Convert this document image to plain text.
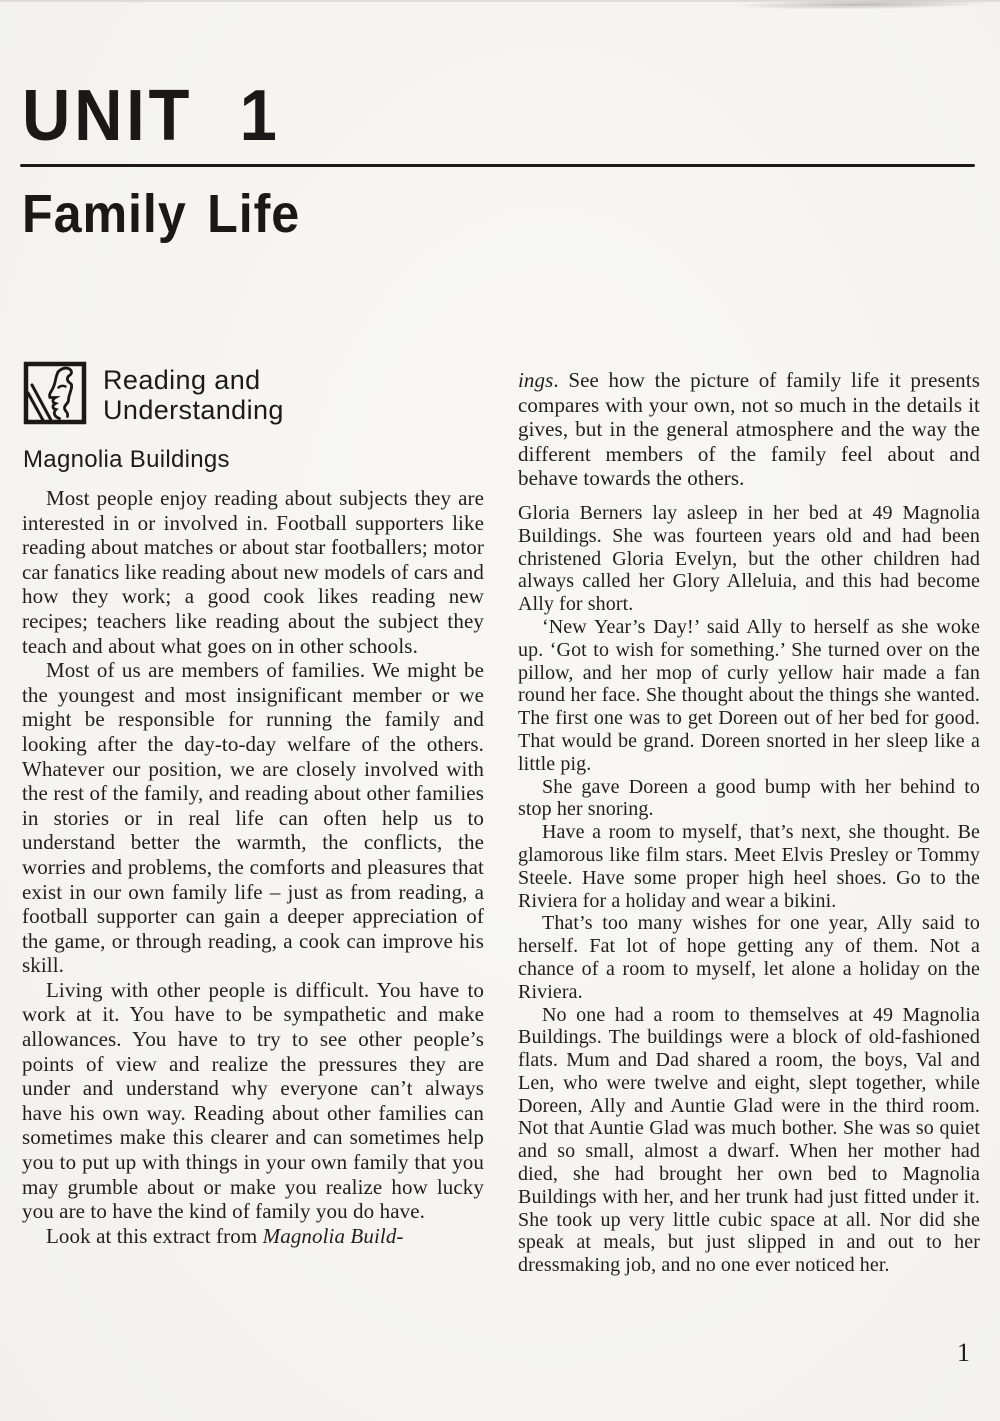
UNIT 1
Family Life
Reading and
Understanding
Magnolia Buildings

Most people enjoy reading about subjects they are interested in or involved in. Football supporters like reading about matches or about star footballers; motor car fanatics like reading about new models of cars and how they work; a good cook likes reading new recipes; teachers like reading about the subject they teach and about what goes on in other schools.

Most of us are members of families. We might be the youngest and most insignificant member or we might be responsible for running the family and looking after the day-to-day welfare of the others. Whatever our position, we are closely involved with the rest of the family, and reading about other families in stories or in real life can often help us to understand better the warmth, the conflicts, the worries and problems, the comforts and pleasures that exist in our own family life – just as from reading, a football supporter can gain a deeper appreciation of the game, or through reading, a cook can improve his skill.

Living with other people is difficult. You have to work at it. You have to be sympathetic and make allowances. You have to try to see other people’s points of view and realize the pressures they are under and understand why everyone can’t always have his own way. Reading about other families can sometimes make this clearer and can sometimes help you to put up with things in your own family that you may grumble about or make you realize how lucky you are to have the kind of family you do have.

Look at this extract from Magnolia Build-

ings. See how the picture of family life it presents compares with your own, not so much in the details it gives, but in the general atmosphere and the way the different members of the family feel about and behave towards the others.

Gloria Berners lay asleep in her bed at 49 Magnolia Buildings. She was fourteen years old and had been christened Gloria Evelyn, but the other children had always called her Glory Alleluia, and this had become Ally for short.

‘New Year’s Day!’ said Ally to herself as she woke up. ‘Got to wish for something.’ She turned over on the pillow, and her mop of curly yellow hair made a fan round her face. She thought about the things she wanted. The first one was to get Doreen out of her bed for good. That would be grand. Doreen snorted in her sleep like a little pig.

She gave Doreen a good bump with her behind to stop her snoring.

Have a room to myself, that’s next, she thought. Be glamorous like film stars. Meet Elvis Presley or Tommy Steele. Have some proper high heel shoes. Go to the Riviera for a holiday and wear a bikini.

That’s too many wishes for one year, Ally said to herself. Fat lot of hope getting any of them. Not a chance of a room to myself, let alone a holiday on the Riviera.

No one had a room to themselves at 49 Magnolia Buildings. The buildings were a block of old-fashioned flats. Mum and Dad shared a room, the boys, Val and Len, who were twelve and eight, slept together, while Doreen, Ally and Auntie Glad were in the third room. Not that Auntie Glad was much bother. She was so quiet and so small, almost a dwarf. When her mother had died, she had brought her own bed to Magnolia Buildings with her, and her trunk had just fitted under it. She took up very little cubic space at all. Nor did she speak at meals, but just slipped in and out to her dressmaking job, and no one ever noticed her.

1
